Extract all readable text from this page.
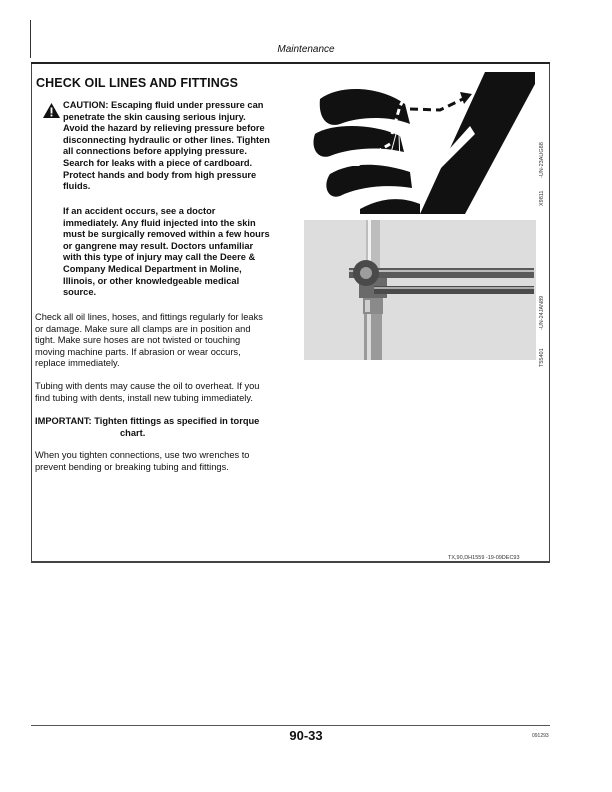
Maintenance
CHECK OIL LINES AND FITTINGS
CAUTION: Escaping fluid under pressure can
penetrate the skin causing serious injury.
Avoid the hazard by relieving pressure before
disconnecting hydraulic or other lines. Tighten
all connections before applying pressure.
Search for leaks with a piece of cardboard.
Protect hands and body from high pressure
fluids.
If an accident occurs, see a doctor
immediately. Any fluid injected into the skin
must be surgically removed within a few hours
or gangrene may result. Doctors unfamiliar
with this type of injury may call the Deere &
Company Medical Department in Moline,
Illinois, or other knowledgeable medical
source.
Check all oil lines, hoses, and fittings regularly for leaks
or damage. Make sure all clamps are in position and
tight. Make sure hoses are not twisted or touching
moving machine parts. If abrasion or wear occurs,
replace immediately.
Tubing with dents may cause the oil to overheat. If you
find tubing with dents, install new tubing immediately.
IMPORTANT: Tighten fittings as specified in torque
chart.
When you tighten connections, use two wrenches to
prevent bending or breaking tubing and fittings.
-UN-23AUG88
X9811
-UN-24JAN89
T55401
TX,90,DH1559 -19-09DEC93
90-33	091293
